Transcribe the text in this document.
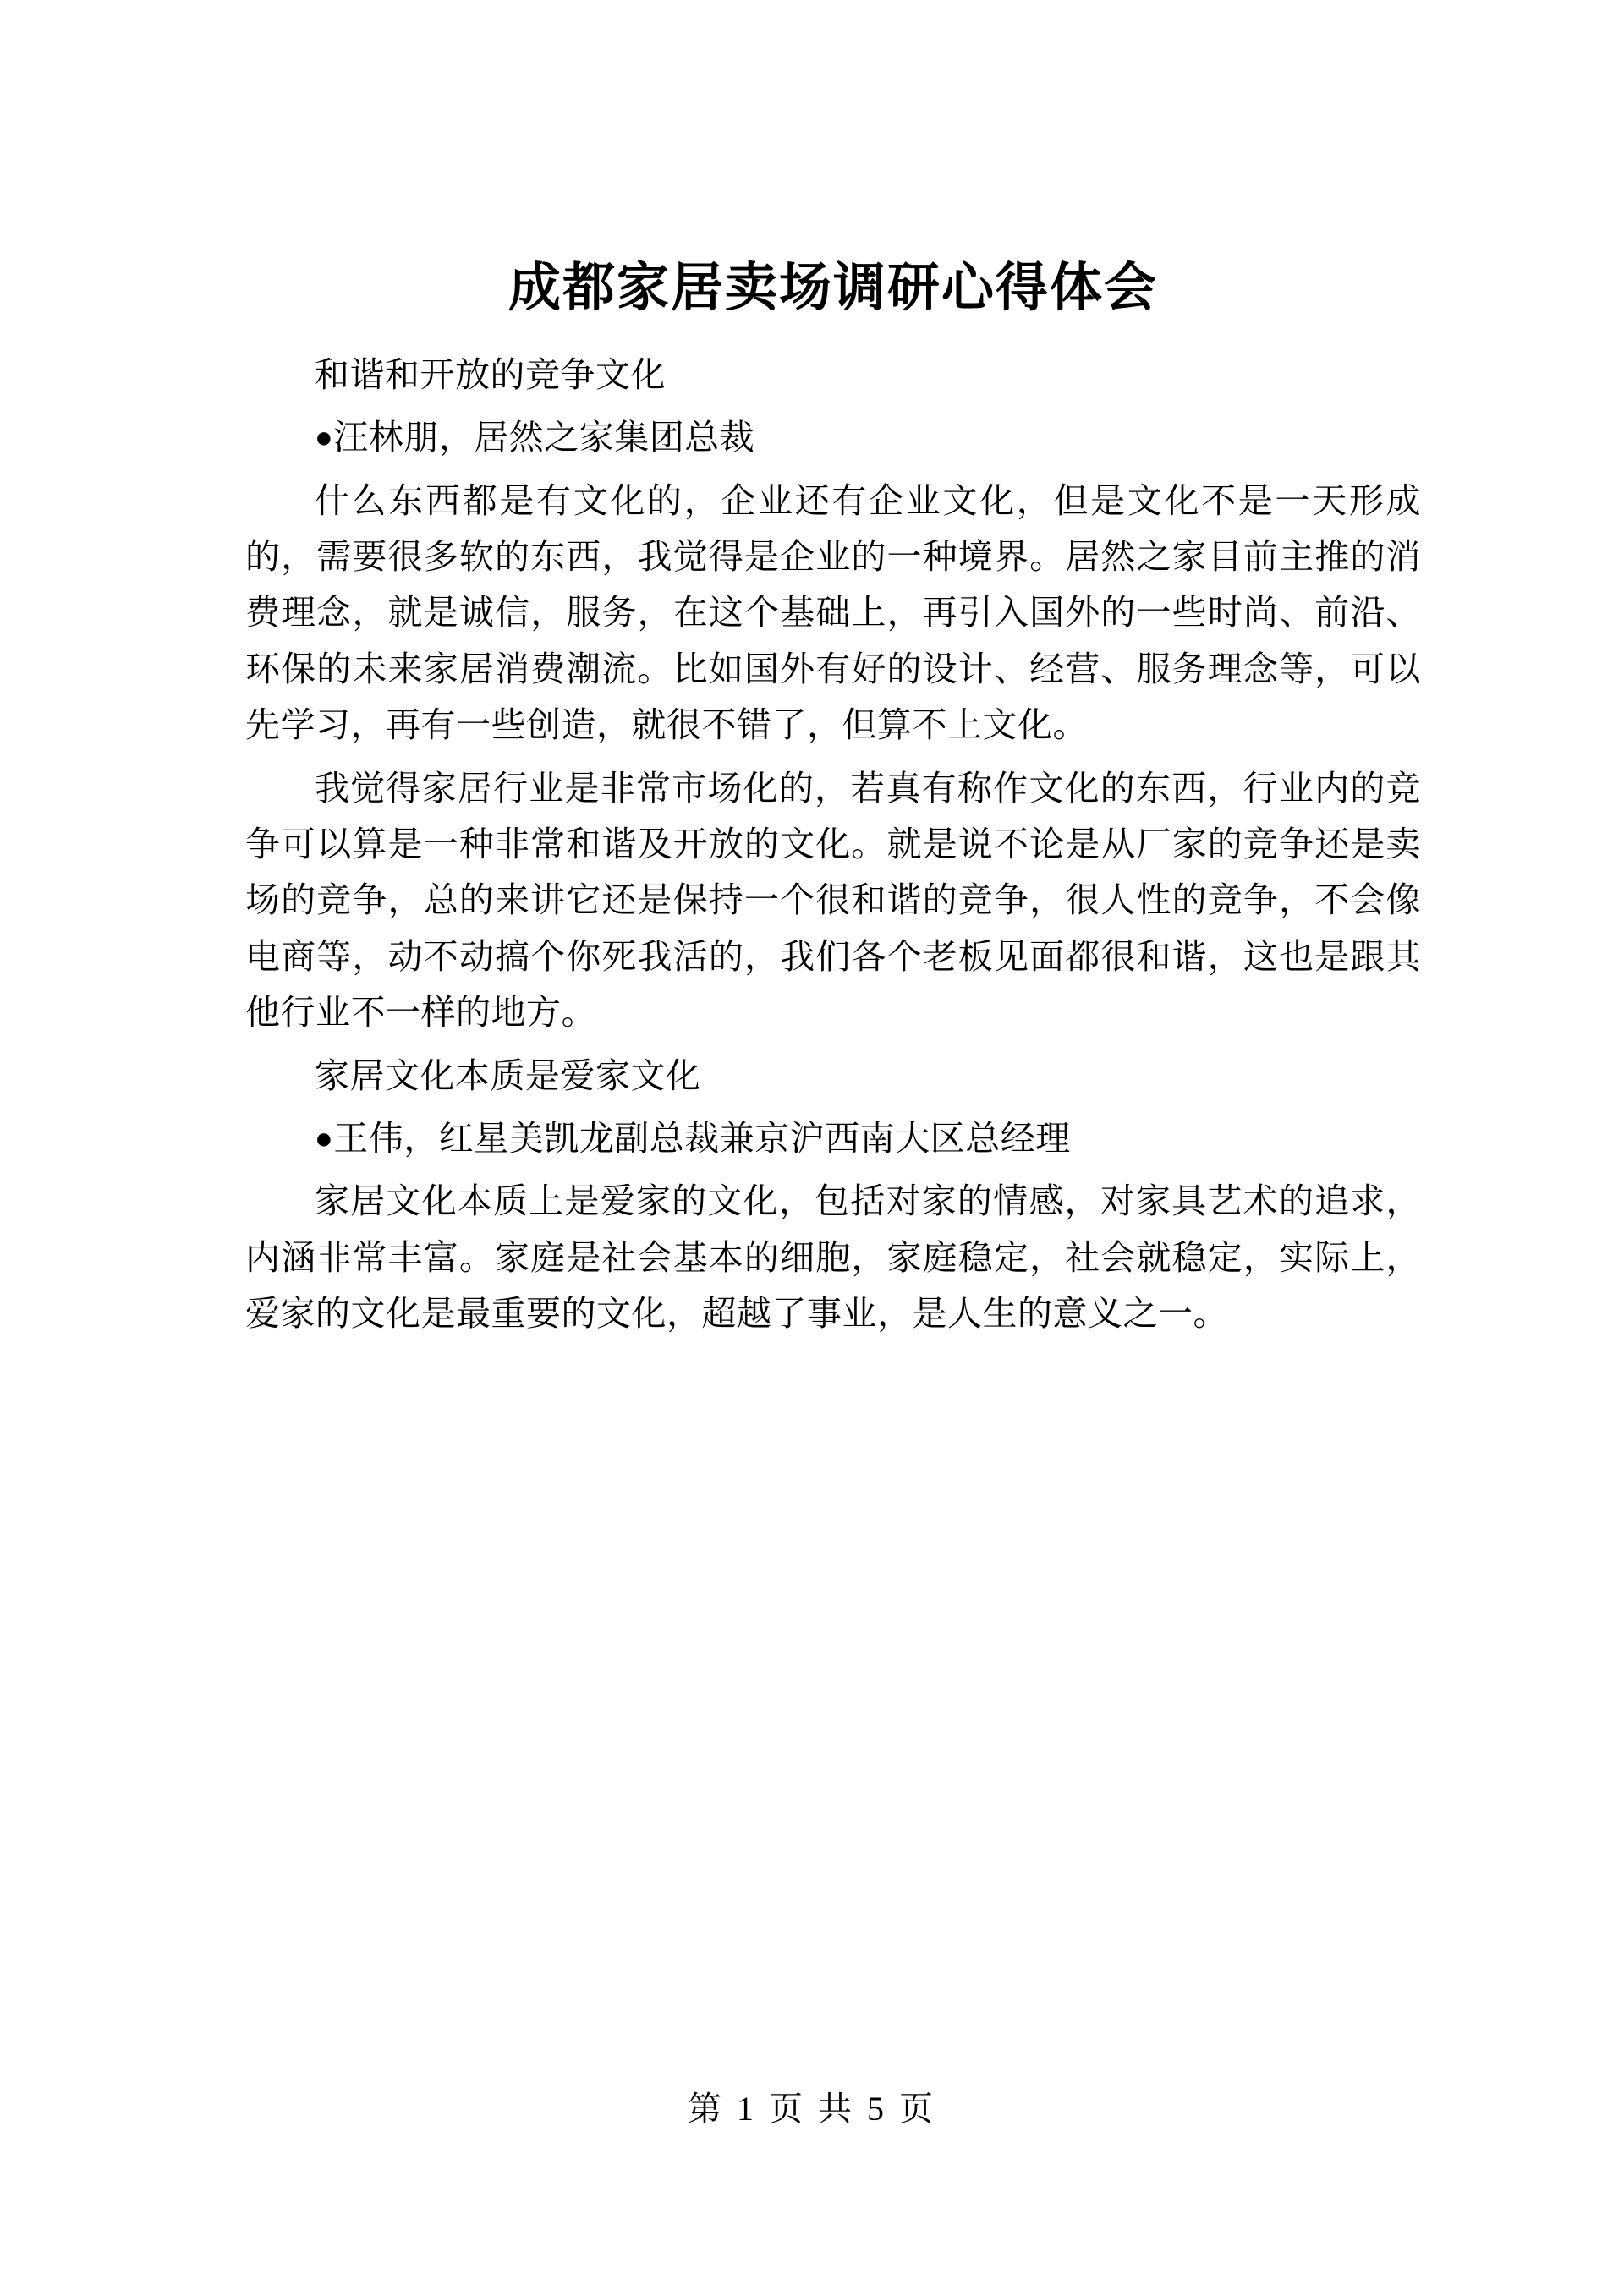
成都家居卖场调研心得体会

和谐和开放的竞争文化

●汪林朋，居然之家集团总裁

什么东西都是有文化的，企业还有企业文化，但是文化不是一天形成的，需要很多软的东西，我觉得是企业的一种境界。居然之家目前主推的消费理念，就是诚信，服务，在这个基础上，再引入国外的一些时尚、前沿、环保的未来家居消费潮流。比如国外有好的设计、经营、服务理念等，可以先学习，再有一些创造，就很不错了，但算不上文化。

我觉得家居行业是非常市场化的，若真有称作文化的东西，行业内的竞争可以算是一种非常和谐及开放的文化。就是说不论是从厂家的竞争还是卖场的竞争，总的来讲它还是保持一个很和谐的竞争，很人性的竞争，不会像电商等，动不动搞个你死我活的，我们各个老板见面都很和谐，这也是跟其他行业不一样的地方。

家居文化本质是爱家文化

●王伟，红星美凯龙副总裁兼京沪西南大区总经理

家居文化本质上是爱家的文化，包括对家的情感，对家具艺术的追求，内涵非常丰富。家庭是社会基本的细胞，家庭稳定，社会就稳定，实际上，爱家的文化是最重要的文化，超越了事业，是人生的意义之一。

第 1 页 共 5 页
